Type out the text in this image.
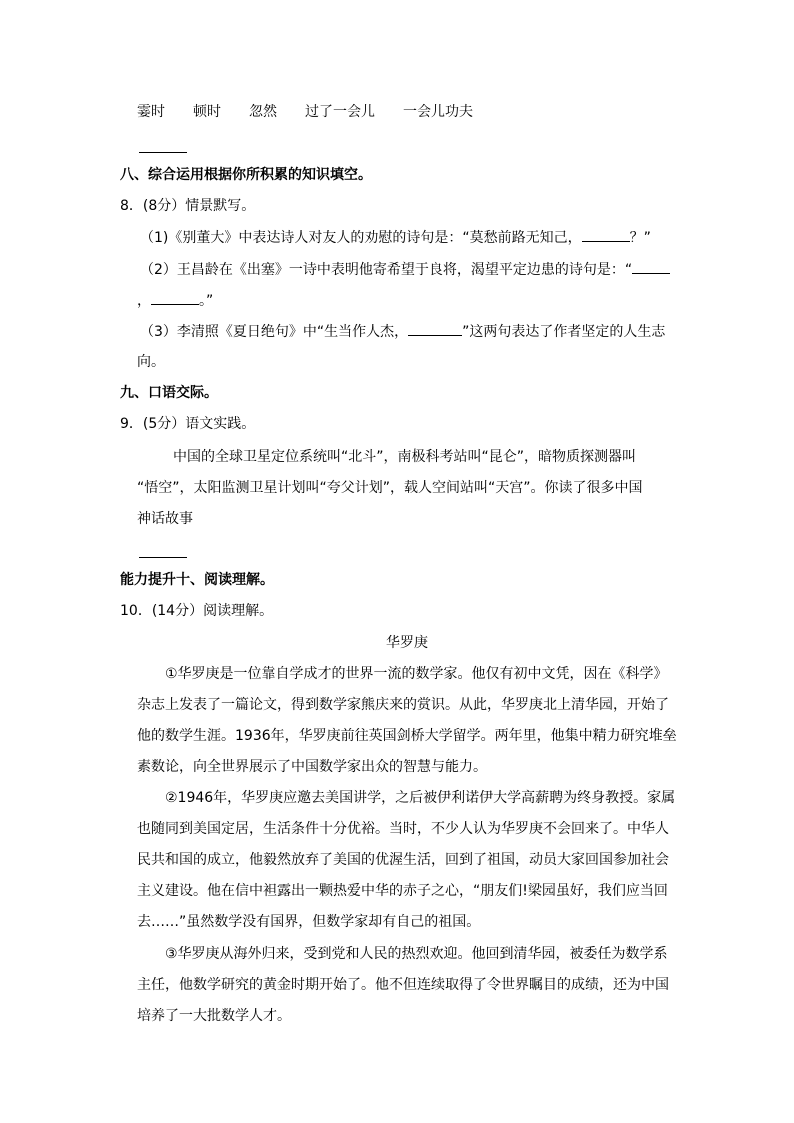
霎时 顿时 忽然 过了一会儿 一会儿功夫
八、综合运用根据你所积累的知识填空。
8．(8分）情景默写。
（1)《别董大》中表达诗人对友人的劝慰的诗句是：“莫愁前路无知己，	？”
（2）王昌龄在《出塞》一诗中表明他寄希望于良将，渴望平定边患的诗句是：“
，	。”
（3）李清照《夏日绝句》中“生当作人杰，	”这两句表达了作者坚定的人生志
向。
九、口语交际。
9．(5分）语文实践。
中国的全球卫星定位系统叫“北斗”，南极科考站叫“昆仑”，暗物质探测器叫
“悟空”，太阳监测卫星计划叫“夸父计划”，载人空间站叫“天宫”。你读了很多中国
神话故事
能力提升十、阅读理解。
10．(14分）阅读理解。
华罗庚
①华罗庚是一位靠自学成才的世界一流的数学家。他仅有初中文凭，因在《科学》
杂志上发表了一篇论文，得到数学家熊庆来的赏识。从此，华罗庚北上清华园，开始了
他的数学生涯。1936年，华罗庚前往英国剑桥大学留学。两年里，他集中精力研究堆垒
素数论，向全世界展示了中国数学家出众的智慧与能力。
②1946年，华罗庚应邀去美国讲学，之后被伊利诺伊大学高薪聘为终身教授。家属
也随同到美国定居，生活条件十分优裕。当时，不少人认为华罗庚不会回来了。中华人
民共和国的成立，他毅然放弃了美国的优渥生活，回到了祖国，动员大家回国参加社会
主义建设。他在信中袒露出一颗热爱中华的赤子之心，“朋友们!梁园虽好，我们应当回
去……”虽然数学没有国界，但数学家却有自己的祖国。
③华罗庚从海外归来，受到党和人民的热烈欢迎。他回到清华园，被委任为数学系
主任，他数学研究的黄金时期开始了。他不但连续取得了令世界瞩目的成绩，还为中国
培养了一大批数学人才。
